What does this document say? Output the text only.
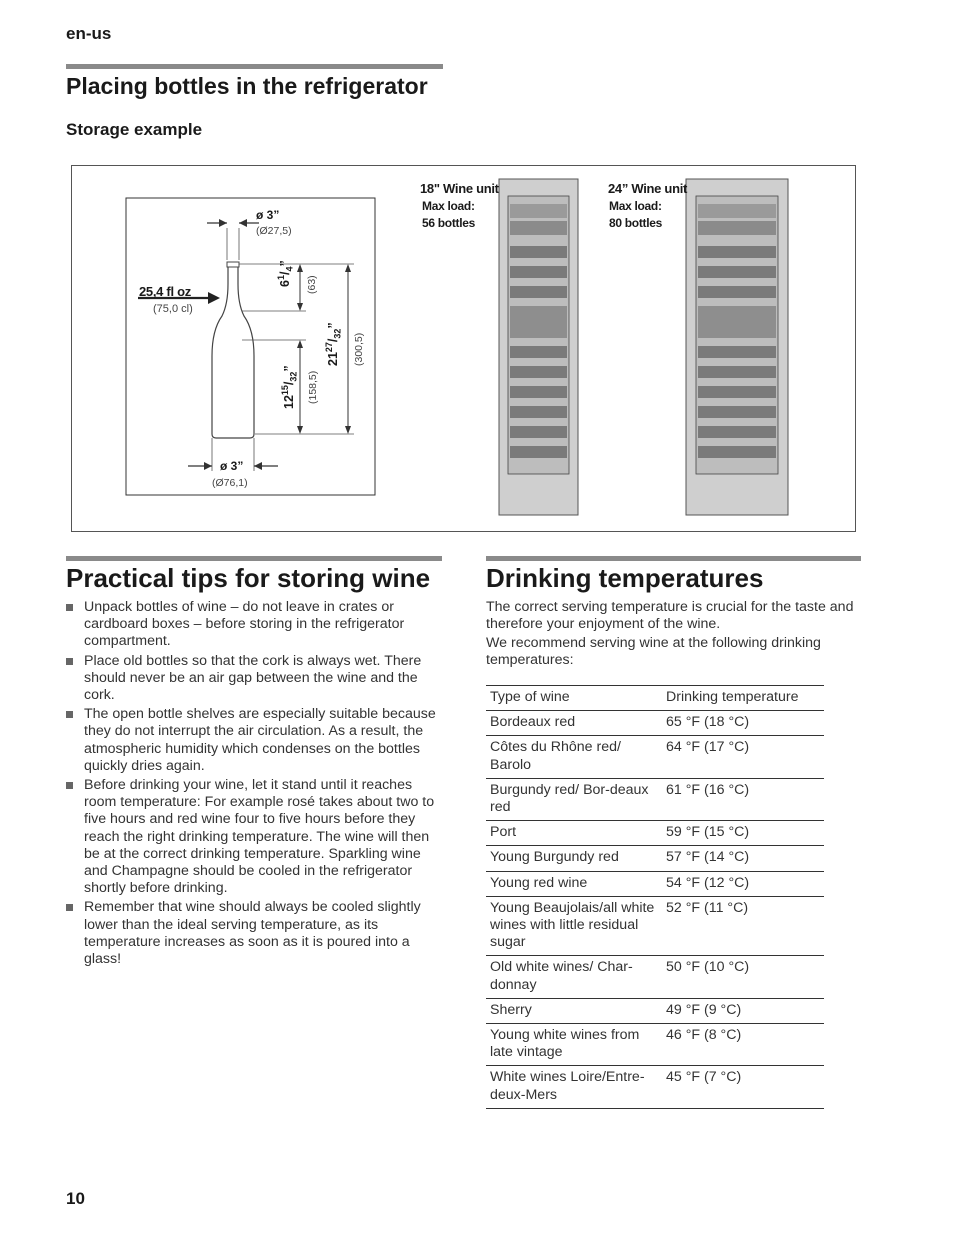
en-us
Placing bottles in the refrigerator
Storage example
ø 3”
(Ø27,5)
25,4 fl oz
(75,0 cl)
$6^1/_4$”
(63)
$21^{27}/_{32}$”
(300,5)
$12^{15}/_{32}$”
(158,5)
ø 3”
(Ø76,1)
18" Wine unit
Max load:
56 bottles
24” Wine unit
Max load:
80 bottles
Practical tips for storing wine
Unpack bottles of wine – do not leave in crates or cardboard boxes – before storing in the refrigerator compartment.
Place old bottles so that the cork is always wet. There should never be an air gap between the wine and the cork.
The open bottle shelves are especially suitable because they do not interrupt the air circulation. As a result, the atmospheric humidity which condenses on the bottles quickly dries again.
Before drinking your wine, let it stand until it reaches room temperature: For example rosé takes about two to five hours and red wine four to five hours before they reach the right drinking temperature. The wine will then be at the correct drinking temperature. Sparkling wine and Champagne should be cooled in the refrigerator shortly before drinking.
Remember that wine should always be cooled slightly lower than the ideal serving temperature, as its temperature increases as soon as it is poured into a glass!
Drinking temperatures
The correct serving temperature is crucial for the taste and therefore your enjoyment of the wine.
We recommend serving wine at the following drinking temperatures:
Type of wine	Drinking temperature
Bordeaux red	65 °F (18 °C)
Côtes du Rhône red/ Barolo	64 °F (17 °C)
Burgundy red/ Bor-deaux red	61 °F (16 °C)
Port	59 °F (15 °C)
Young Burgundy red	57 °F (14 °C)
Young red wine	54 °F (12 °C)
Young Beaujolais/all white wines with little residual sugar	52 °F (11 °C)
Old white wines/ Char-donnay	50 °F (10 °C)
Sherry	49 °F (9 °C)
Young white wines from late vintage	46 °F (8 °C)
White wines Loire/Entre-deux-Mers	45 °F (7 °C)
10
